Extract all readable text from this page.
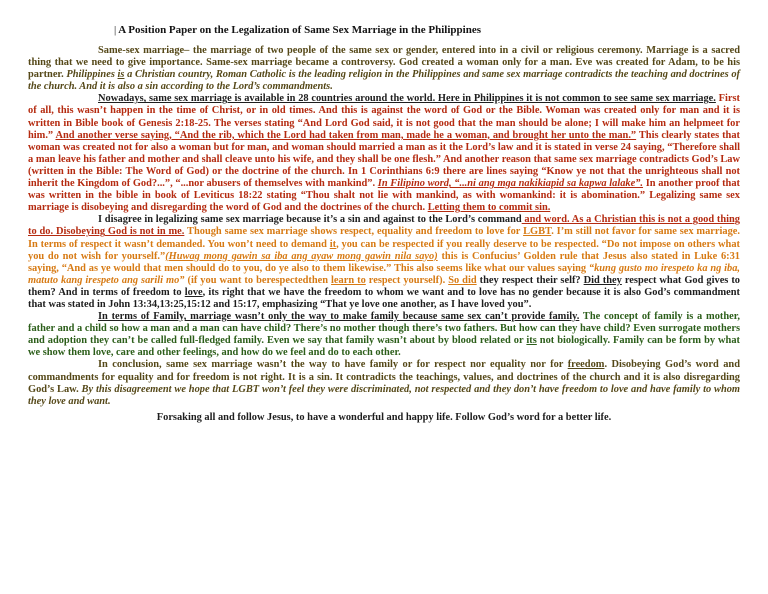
| A Position Paper on the Legalization of Same Sex Marriage in the Philippines

Same-sex marriage– the marriage of two people of the same sex or gender, entered into in a civil or religious ceremony. Marriage is a sacred thing that we need to give importance. Same-sex marriage became a controversy. God created a woman only for a man. Eve was created for Adam, to be his partner. Philippines is a Christian country, Roman Catholic is the leading religion in the Philippines and same sex marriage contradicts the teaching and doctrines of the church. And it is also a sin according to the Lord’s commandments.

Nowadays, same sex marriage is available in 28 countries around the world. Here in Philippines it is not common to see same sex marriage. First of all, this wasn’t happen in the time of Christ, or in old times. And this is against the word of God or the Bible. Woman was created only for man and it is written in Bible book of Genesis 2:18-25. The verses stating “And Lord God said, it is not good that the man should be alone; I will make him an helpmeet for him.” And another verse saying, “And the rib, which the Lord had taken from man, made he a woman, and brought her unto the man.” This clearly states that woman was created not for also a woman but for man, and woman should married a man as it the Lord’s law and it is stated in verse 24 saying, “Therefore shall a man leave his father and mother and shall cleave unto his wife, and they shall be one flesh.” And another reason that same sex marriage contradicts God’s Law (written in the Bible: The Word of God) or the doctrine of the church. In 1 Corinthians 6:9 there are lines saying “Know ye not that the unrighteous shall not inherit the Kingdom of God?...”, “...nor abusers of themselves with mankind”. In Filipino word, “...ni ang mga nakikiapid sa kapwa lalake”. In another proof that was written in the bible in book of Leviticus 18:22 stating “Thou shalt not lie with mankind, as with womankind: it is abomination.” Legalizing same sex marriage is disobeying and disregarding the word of God and the doctrines of the church. Letting them to commit sin.

I disagree in legalizing same sex marriage because it’s a sin and against to the Lord’s command and word. As a Christian this is not a good thing to do. Disobeying God is not in me. Though same sex marriage shows respect, equality and freedom to love for LGBT. I’m still not favor for same sex marriage. In terms of respect it wasn’t demanded. You won’t need to demand it, you can be respected if you really deserve to be respected. “Do not impose on others what you do not wish for yourself.”(Huwag mong gawin sa iba ang ayaw mong gawin nila sayo) this is Confucius’ Golden rule that Jesus also stated in Luke 6:31 saying, “And as ye would that men should do to you, do ye also to them likewise.” This also seems like what our values saying “kung gusto mo irespeto ka ng iba, matuto kang irespeto ang sarili mo” (if you want to berespectedthen learn to respect yourself). So did they respect their self? Did they respect what God gives to them? And in terms of freedom to love, its right that we have the freedom to whom we want and to love has no gender because it is also God’s commandment that was stated in John 13:34,13:25,15:12 and 15:17, emphasizing “That ye love one another, as I have loved you”.

In terms of Family, marriage wasn’t only the way to make family because same sex can’t provide family. The concept of family is a mother, father and a child so how a man and a man can have child? There’s no mother though there’s two fathers. But how can they have child? Even surrogate mothers and adoption they can’t be called full-fledged family. Even we say that family wasn’t about by blood related or its not biologically. Family can be form by what we show them love, care and other feelings, and how do we feel and do to each other.

In conclusion, same sex marriage wasn’t the way to have family or for respect nor equality nor for freedom. Disobeying God’s word and commandments for equality and for freedom is not right. It is a sin. It contradicts the teachings, values, and doctrines of the church and it is also disregarding God’s Law. By this disagreement we hope that LGBT won’t feel they were discriminated, not respected and they don’t have freedom to love and have family to whom they love and want.

Forsaking all and follow Jesus, to have a wonderful and happy life. Follow God’s word for a better life.
